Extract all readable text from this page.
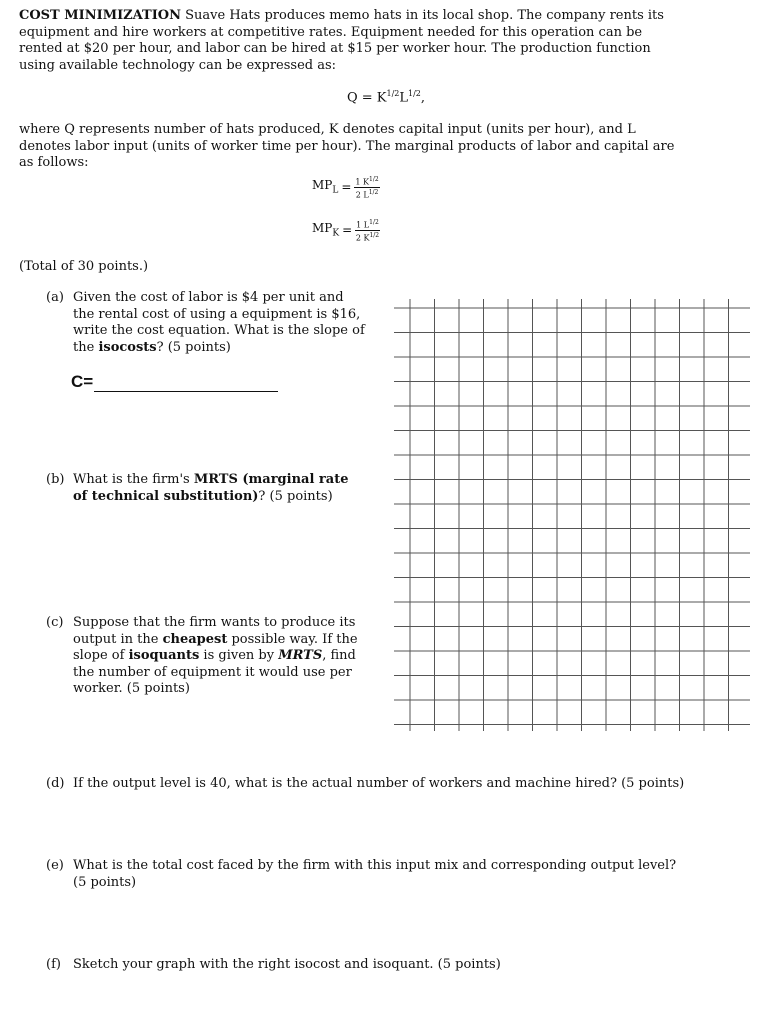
COST MINIMIZATION Suave Hats produces memo hats in its local shop. The company rents its equipment and hire workers at competitive rates. Equipment needed for this operation can be rented at $20 per hour, and labor can be hired at $15 per worker hour. The production function using available technology can be expressed as:
$Q = K^{1/2}L^{1/2}$,
where Q represents number of hats produced, K denotes capital input (units per hour), and L denotes labor input (units of worker time per hour). The marginal products of labor and capital are as follows:
$MP_L = \frac{1 K^{1/2}}{2 L^{1/2}}$
$MP_K = \frac{1 L^{1/2}}{2 K^{1/2}}$
(Total of 30 points.)
(a) Given the cost of labor is $4 per unit and the rental cost of using a equipment is $16, write the cost equation. What is the slope of the isocosts? (5 points)
C=
(b) What is the firm's MRTS (marginal rate of technical substitution)? (5 points)
(c) Suppose that the firm wants to produce its output in the cheapest possible way. If the slope of isoquants is given by MRTS, find the number of equipment it would use per worker. (5 points)
(d) If the output level is 40, what is the actual number of workers and machine hired? (5 points)
(e) What is the total cost faced by the firm with this input mix and corresponding output level? (5 points)
(f) Sketch your graph with the right isocost and isoquant. (5 points)
